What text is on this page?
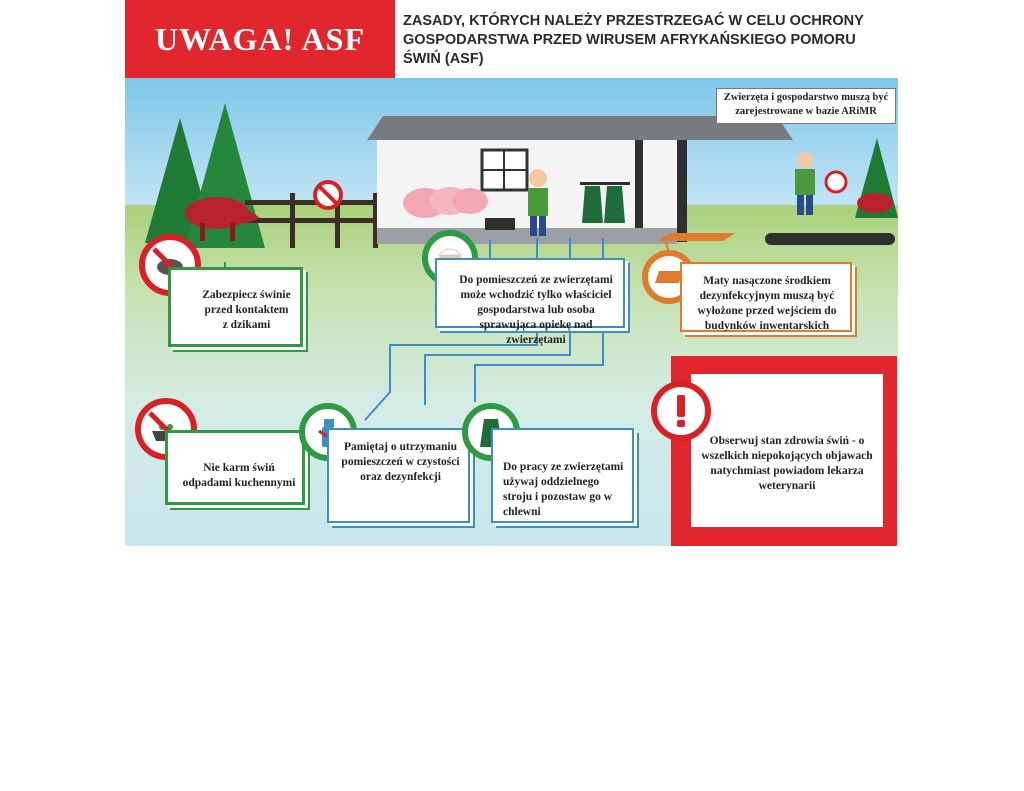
UWAGA! ASF	ZASADY, KTÓRYCH NALEŻY PRZESTRZEGAĆ W CELU OCHRONY GOSPODARSTWA PRZED WIRUSEM AFRYKAŃSKIEGO POMORU ŚWIŃ (ASF)
Zwierzęta i gospodarstwo muszą być zarejestrowane w bazie ARiMR
Zabezpiecz świnie przed kontaktem z dzikami
Do pomieszczeń ze zwierzętami może wchodzić tylko właściciel gospodarstwa lub osoba sprawująca opiekę nad zwierzętami
Maty nasączone środkiem dezynfekcyjnym muszą być wyłożone przed wejściem do budynków inwentarskich
Nie karm świń odpadami kuchennymi
Pamiętaj o utrzymaniu pomieszczeń w czystości oraz dezynfekcji
Do pracy ze zwierzętami używaj oddzielnego stroju i pozostaw go w chlewni
Obserwuj stan zdrowia świń - o wszelkich niepokojących objawach natychmiast powiadom lekarza weterynarii
